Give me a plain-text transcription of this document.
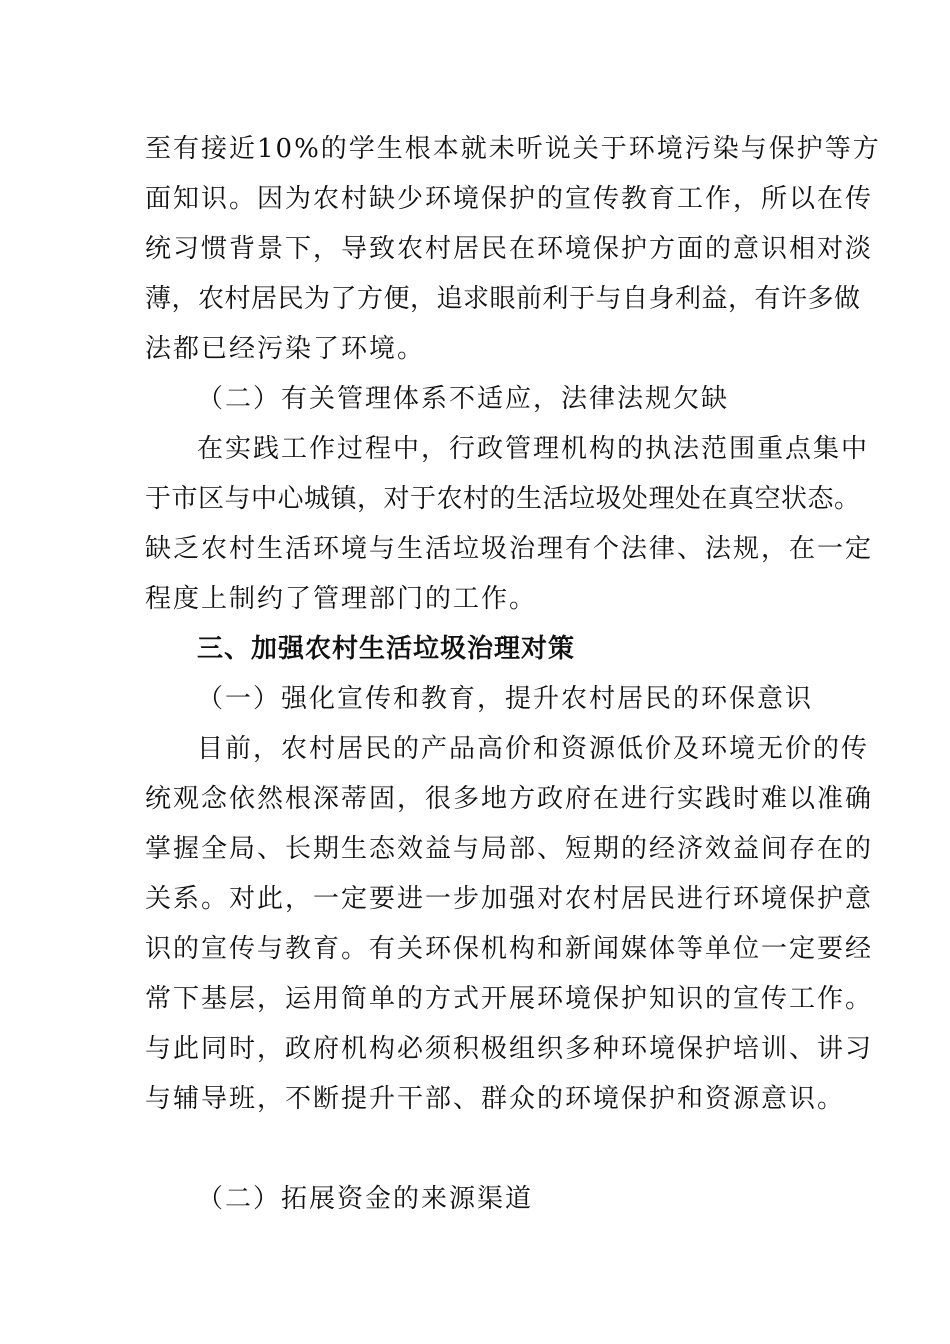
至有接近10%的学生根本就未听说关于环境污染与保护等方
面知识。因为农村缺少环境保护的宣传教育工作，所以在传
统习惯背景下，导致农村居民在环境保护方面的意识相对淡
薄，农村居民为了方便，追求眼前利于与自身利益，有许多做
法都已经污染了环境。
（二）有关管理体系不适应，法律法规欠缺
在实践工作过程中，行政管理机构的执法范围重点集中
于市区与中心城镇，对于农村的生活垃圾处理处在真空状态。
缺乏农村生活环境与生活垃圾治理有个法律、法规，在一定
程度上制约了管理部门的工作。
三、加强农村生活垃圾治理对策
（一）强化宣传和教育，提升农村居民的环保意识
目前，农村居民的产品高价和资源低价及环境无价的传
统观念依然根深蒂固，很多地方政府在进行实践时难以准确
掌握全局、长期生态效益与局部、短期的经济效益间存在的
关系。对此，一定要进一步加强对农村居民进行环境保护意
识的宣传与教育。有关环保机构和新闻媒体等单位一定要经
常下基层，运用简单的方式开展环境保护知识的宣传工作。
与此同时，政府机构必须积极组织多种环境保护培训、讲习
与辅导班，不断提升干部、群众的环境保护和资源意识。
（二）拓展资金的来源渠道
